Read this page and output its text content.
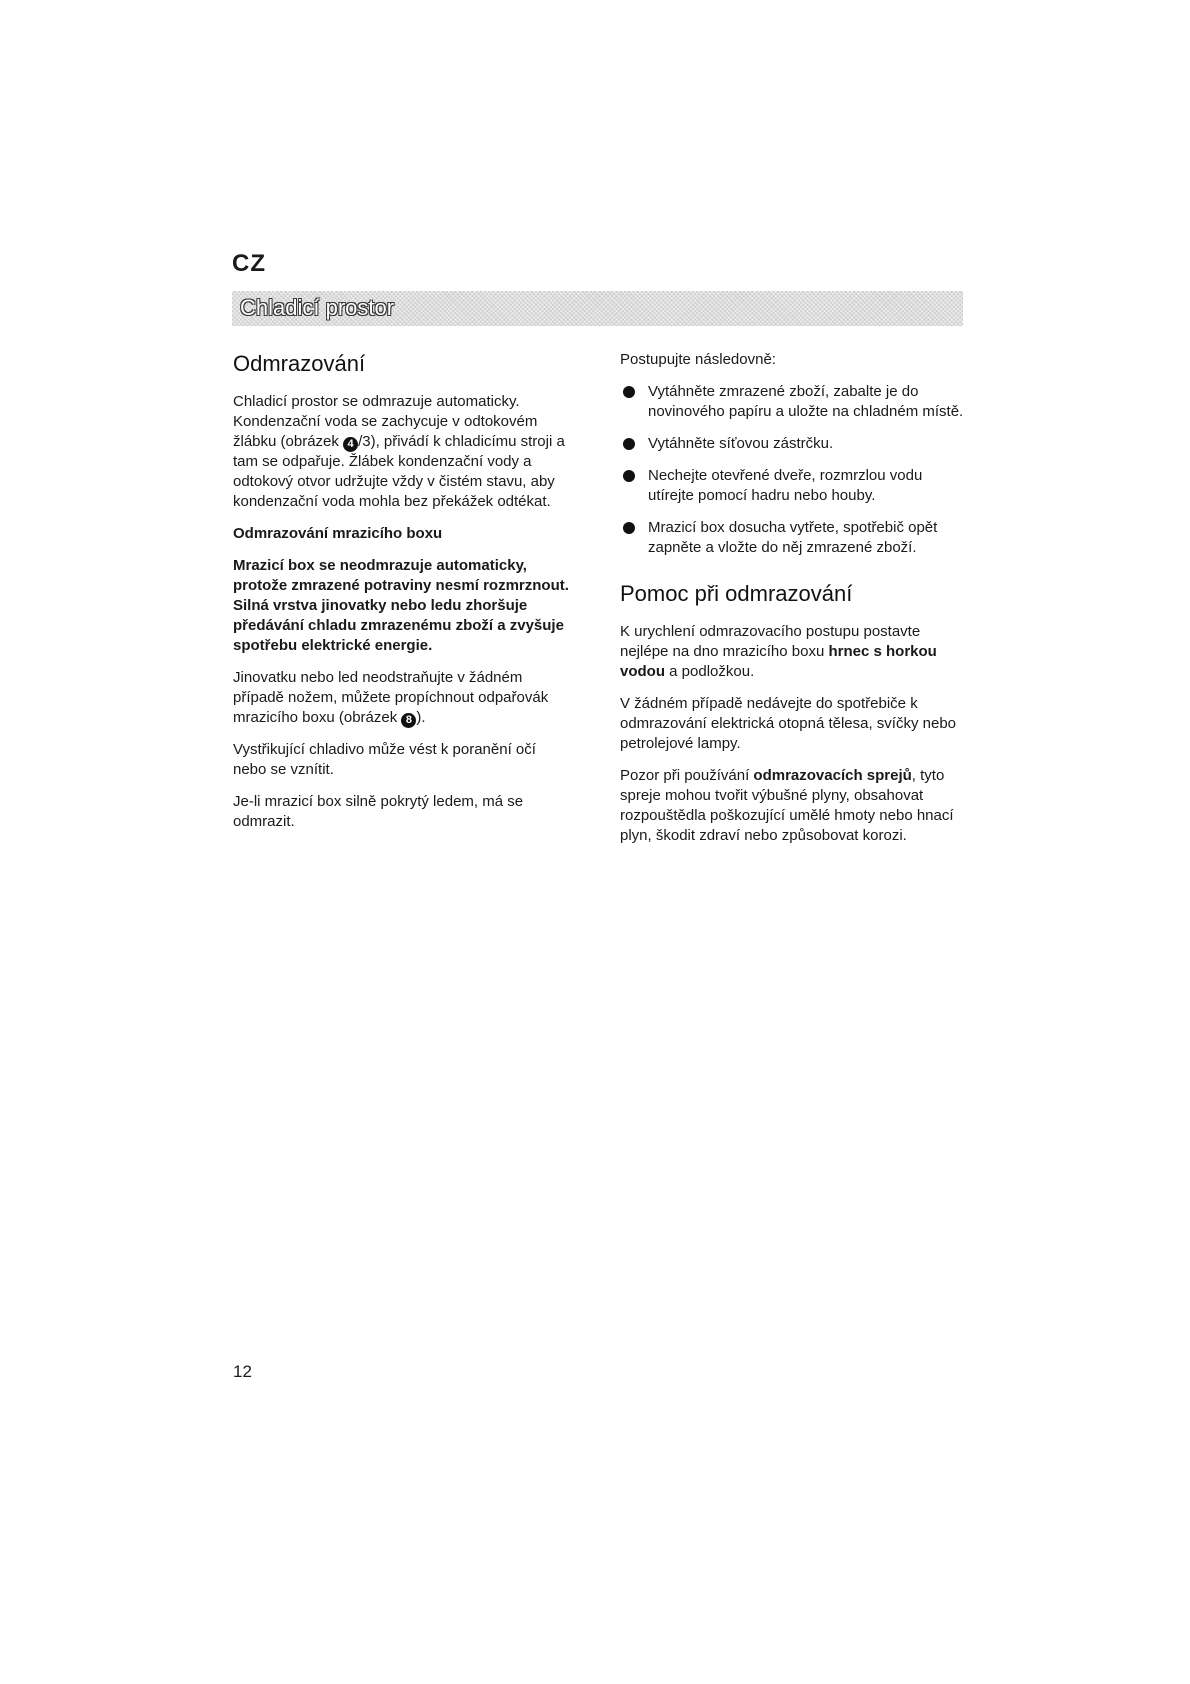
CZ
Chladicí prostor
Odmrazování

Chladicí prostor se odmrazuje automaticky. Kondenzační voda se zachycuje v odtokovém žlábku (obrázek 4 /3), přivádí k chladicímu stroji a tam se odpařuje. Žlábek kondenzační vody a odtokový otvor udržujte vždy v čistém stavu, aby kondenzační voda mohla bez překážek odtékat.

Odmrazování mrazicího boxu

Mrazicí box se neodmrazuje automaticky, protože zmrazené potraviny nesmí rozmrznout. Silná vrstva jinovatky nebo ledu zhoršuje předávání chladu zmrazenému zboží a zvyšuje spotřebu elektrické energie.

Jinovatku nebo led neodstraňujte v žádném případě nožem, můžete propíchnout odpařovák mrazicího boxu (obrázek 8 ).

Vystřikující chladivo může vést k poranění očí nebo se vznítit.

Je-li mrazicí box silně pokrytý ledem, má se odmrazit.

Postupujte následovně:

Vytáhněte zmrazené zboží, zabalte je do novinového papíru a uložte na chladném místě.
Vytáhněte síťovou zástrčku.
Nechejte otevřené dveře, rozmrzlou vodu utírejte pomocí hadru nebo houby.
Mrazicí box dosucha vytřete, spotřebič opět zapněte a vložte do něj zmrazené zboží.
Pomoc při odmrazování

K urychlení odmrazovacího postupu postavte nejlépe na dno mrazicího boxu hrnec s horkou vodou a podložkou.

V žádném případě nedávejte do spotřebiče k odmrazování elektrická otopná tělesa, svíčky nebo petrolejové lampy.

Pozor při používání odmrazovacích sprejů, tyto spreje mohou tvořit výbušné plyny, obsahovat rozpouštědla poškozující umělé hmoty nebo hnací plyn, škodit zdraví nebo způsobovat korozi.

12
